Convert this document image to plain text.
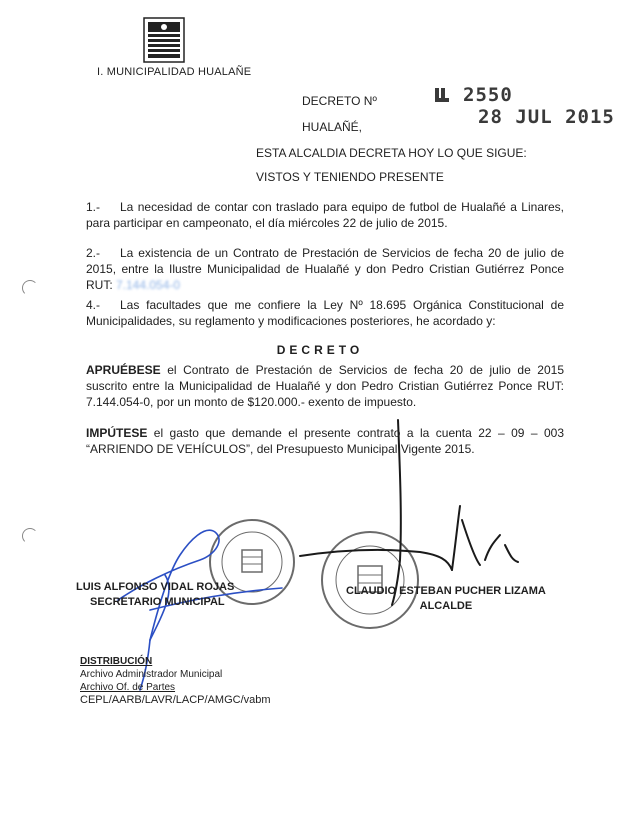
I. MUNICIPALIDAD HUALAÑE
DECRETO Nº
HUALAÑÉ,
2550
28 JUL 2015
ESTA ALCALDIA DECRETA HOY LO QUE SIGUE:
VISTOS Y TENIENDO PRESENTE
1.- La necesidad de contar con traslado para equipo de futbol de Hualañé a Linares, para participar en campeonato, el día miércoles 22 de julio de 2015.
2.- La existencia de un Contrato de Prestación de Servicios de fecha 20 de julio de 2015, entre la Ilustre Municipalidad de Hualañé y don Pedro Cristian Gutiérrez Ponce RUT: 7.144.054-0
4.- Las facultades que me confiere la Ley Nº 18.695 Orgánica Constitucional de Municipalidades, su reglamento y modificaciones posteriores, he acordado y:
DECRETO
APRUÉBESE el Contrato de Prestación de Servicios de fecha 20 de julio de 2015 suscrito entre la Municipalidad de Hualañé y don Pedro Cristian Gutiérrez Ponce RUT: 7.144.054-0, por un monto de $120.000.- exento de impuesto.
IMPÚTESE el gasto que demande el presente contrato a la cuenta 22 – 09 – 003 “ARRIENDO DE VEHÍCULOS”, del Presupuesto Municipal Vigente 2015.
LUIS ALFONSO VIDAL ROJAS
SECRETARIO MUNICIPAL
CLAUDIO ESTEBAN PUCHER LIZAMA
ALCALDE
DISTRIBUCIÓN
Archivo Administrador Municipal
Archivo Of. de Partes
CEPL/AARB/LAVR/LACP/AMGC/vabm
